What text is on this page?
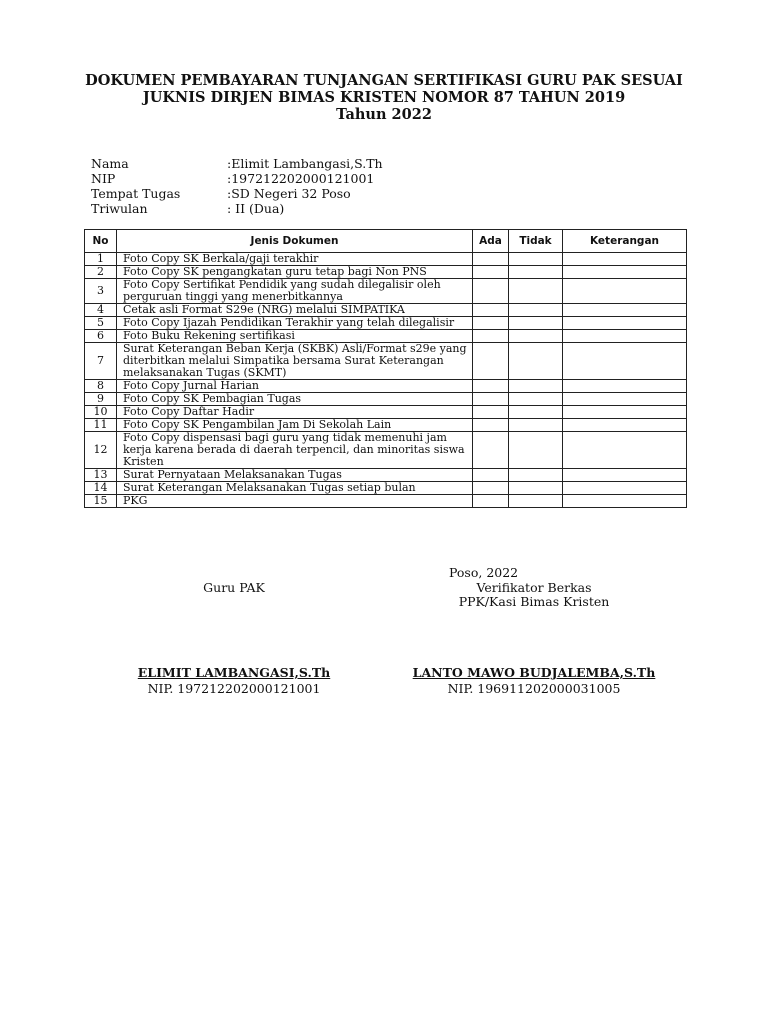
DOKUMEN PEMBAYARAN TUNJANGAN SERTIFIKASI GURU PAK SESUAI
JUKNIS DIRJEN BIMAS KRISTEN NOMOR 87 TAHUN 2019
Tahun 2022
Nama	:Elimit Lambangasi,S.Th
NIP	:197212202000121001
Tempat Tugas	:SD Negeri 32 Poso
Triwulan	: II (Dua)
No	Jenis Dokumen	Ada	Tidak	Keterangan
1	Foto Copy SK Berkala/gaji terakhir			
2	Foto Copy SK pengangkatan guru tetap bagi Non PNS			
3	Foto Copy Sertifikat Pendidik yang sudah dilegalisir oleh perguruan tinggi yang menerbitkannya			
4	Cetak asli Format S29e (NRG) melalui SIMPATIKA			
5	Foto Copy Ijazah Pendidikan Terakhir yang telah dilegalisir			
6	Foto Buku Rekening sertifikasi			
7	Surat Keterangan Beban Kerja (SKBK) Asli/Format s29e yang diterbitkan melalui Simpatika bersama Surat Keterangan melaksanakan Tugas (SKMT)			
8	Foto Copy Jurnal Harian			
9	Foto Copy SK Pembagian Tugas			
10	Foto Copy Daftar Hadir			
11	Foto Copy SK Pengambilan Jam Di Sekolah Lain			
12	Foto Copy dispensasi bagi guru yang tidak memenuhi jam kerja karena berada di daerah terpencil, dan minoritas siswa Kristen			
13	Surat Pernyataan Melaksanakan Tugas			
14	Surat Keterangan Melaksanakan Tugas setiap bulan			
15	PKG			
Poso, 2022
Guru PAK	Verifikator Berkas
PPK/Kasi Bimas Kristen
ELIMIT LAMBANGASI,S.Th
NIP. 197212202000121001
LANTO MAWO BUDJALEMBA,S.Th
NIP. 196911202000031005
